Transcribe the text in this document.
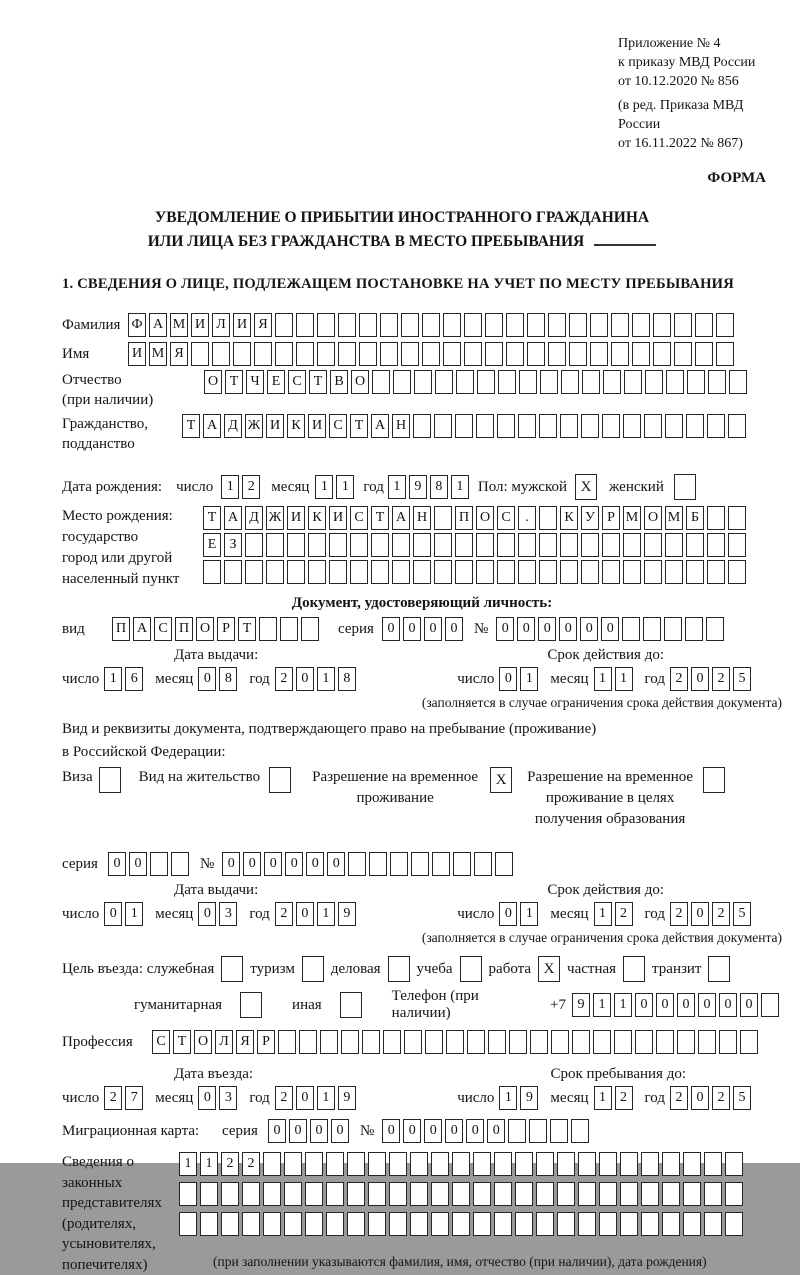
Приложение № 4
к приказу МВД России
от 10.12.2020 № 856
(в ред. Приказа МВД России
от 16.11.2022 № 867)
ФОРМА
УВЕДОМЛЕНИЕ О ПРИБЫТИИ ИНОСТРАННОГО ГРАЖДАНИНА
ИЛИ ЛИЦА БЕЗ ГРАЖДАНСТВА В МЕСТО ПРЕБЫВАНИЯ
1. СВЕДЕНИЯ О ЛИЦЕ, ПОДЛЕЖАЩЕМ ПОСТАНОВКЕ НА УЧЕТ ПО МЕСТУ ПРЕБЫВАНИЯ
Фамилия Ф А М И Л И Я
Имя	И М Я
Отчество
(при наличии)
О Т Ч Е С Т В О
Гражданство,
подданство
Т А Д Ж И К И С Т А Н
Дата рождения: число 1	2	месяц 1	1 год 1	9	8	1 Пол: мужской X	женский
Место рождения:
государство
город или другой
населенный пункт
Т А Д Ж И К И С Т А Н П О С	.	К У Р М О М Б
Е З
Документ, удостоверяющий личность:
вид	П А С П О Р Т	серия 0	0	0	0	№ 0	0	0	0	0	0
Дата выдачи:	Срок действия до:
число 1	6	месяц 0	8	год 2	0	1	8	число 0	1	месяц 1	1	год 2	0	2	5
(заполняется в случае ограничения срока действия документа)
Вид и реквизиты документа, подтверждающего право на пребывание (проживание)
в Российской Федерации:
Виза	Вид на жительство	Разрешение на временное
проживание
X	Разрешение на временное
проживание в целях
получения образования
серия	0	0	№ 0	0	0	0	0	0
Дата выдачи:	Срок действия до:
число 0	1	месяц 0	3	год 2	0	1	9	число 0	1	месяц 1	2	год 2	0	2	5
(заполняется в случае ограничения срока действия документа)
Цель въезда: служебная туризм деловая учеба работа X частная транзит
гуманитарная	иная
Телефон (при наличии)
+7 9	1	1	0	0	0	0	0	0
Профессия	С Т О Л Я Р
Дата въезда:	Срок пребывания до:
число 2	7	месяц 0	3	год 2	0	1	9	число 1	9	месяц 1	2	год 2	0	2	5
Миграционная карта:	серия	0	0	0	0	№ 0	0	0	0	0	0
Сведения о
законных
представителях
(родителях,
усыновителях,
попечителях)
1	1	2	2
(при заполнении указываются фамилия, имя, отчество (при наличии), дата рождения)
